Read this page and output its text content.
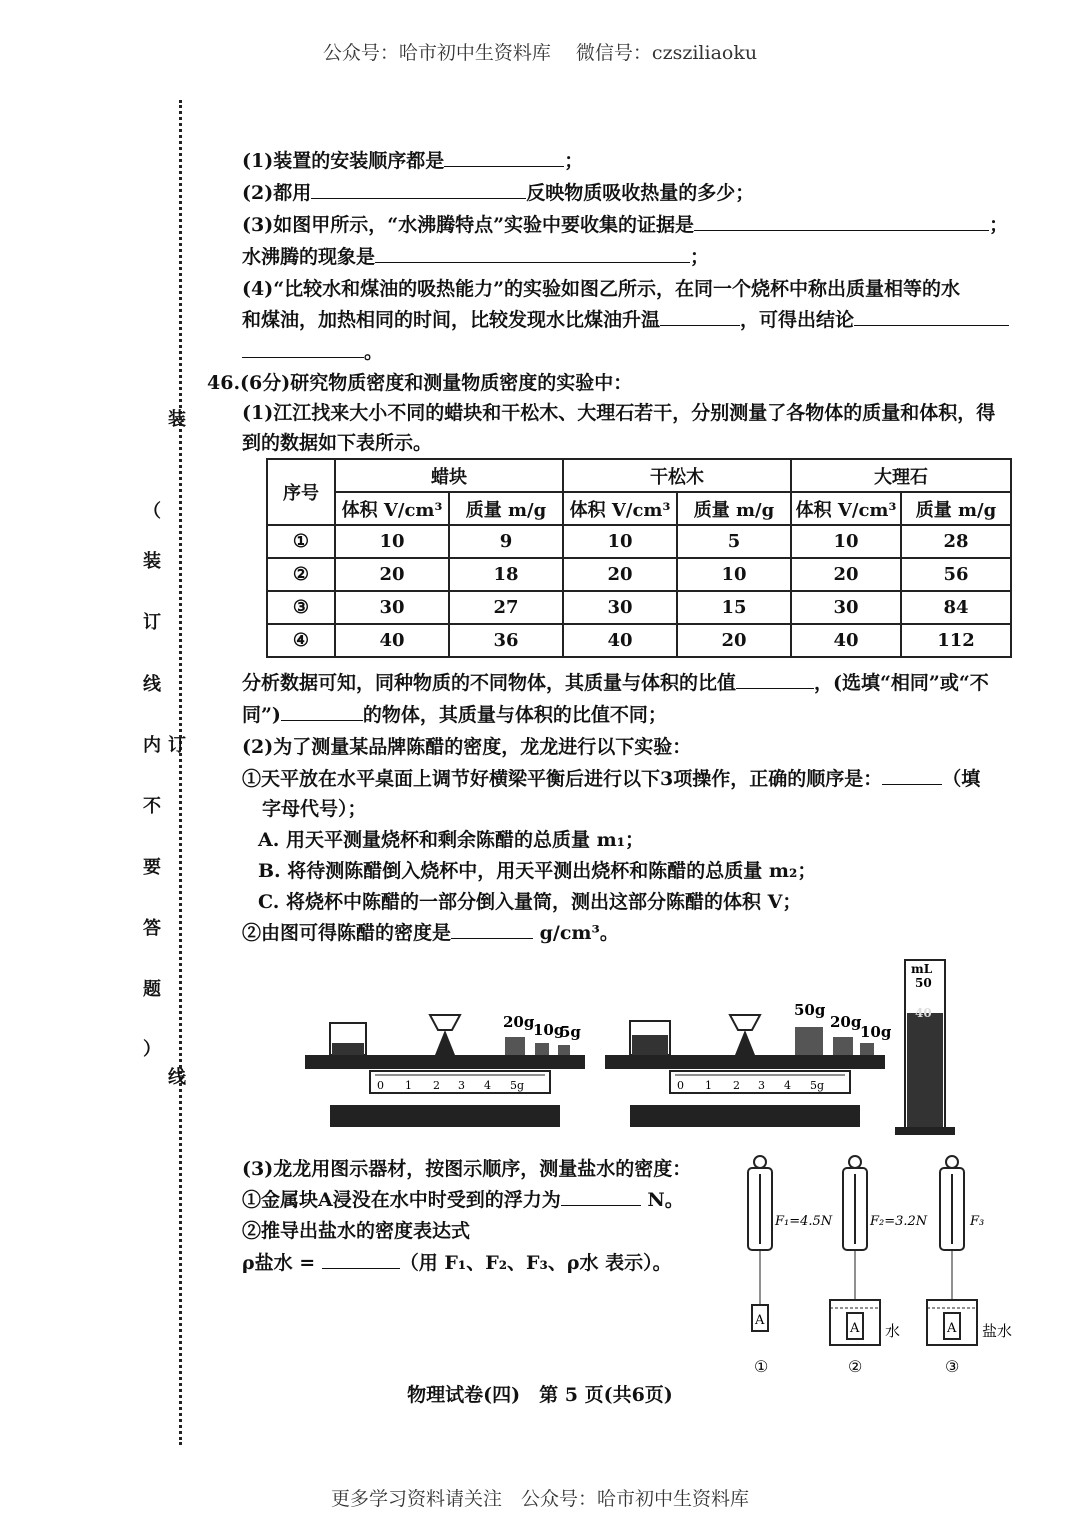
公众号：哈市初中生资料库　 微信号：czsziliaoku
装
（
装
订
线
内 订
不
要
答
题
）
线
(1)装置的安装顺序都是	；
(2)都用	反映物质吸收热量的多少；
(3)如图甲所示，“水沸腾特点”实验中要收集的证据是	；
水沸腾的现象是	；
(4)“比较水和煤油的吸热能力”的实验如图乙所示，在同一个烧杯中称出质量相等的水
和煤油，加热相同的时间，比较发现水比煤油升温	，可得出结论
。
46.(6分)研究物质密度和测量物质密度的实验中：
(1)江江找来大小不同的蜡块和干松木、大理石若干，分别测量了各物体的质量和体积，得
到的数据如下表所示。
序号	蜡块		干松木		大理石	
	体积 V/cm³	质量 m/g	体积 V/cm³	质量 m/g	体积 V/cm³	质量 m/g
①	10	9	10	5	10	28
②	20	18	20	10	20	56
③	30	27	30	15	30	84
④	40	36	40	20	40	112
分析数据可知，同种物质的不同物体，其质量与体积的比值	，(选填“相同”或“不
同”)	的物体，其质量与体积的比值不同；
(2)为了测量某品牌陈醋的密度，龙龙进行以下实验：
①天平放在水平桌面上调节好横梁平衡后进行以下3项操作，正确的顺序是：	（填
字母代号）；
A. 用天平测量烧杯和剩余陈醋的总质量 m₁；
B. 将待测陈醋倒入烧杯中，用天平测出烧杯和陈醋的总质量 m₂；
C. 将烧杯中陈醋的一部分倒入量筒，测出这部分陈醋的体积 V；
②由图可得陈醋的密度是	g/cm³。
0 1 2 3 4 5g
20g
10g
5g
0 1 2 3 4 5g
50g
20g
10g
mL
50
40
(3)龙龙用图示器材，按图示顺序，测量盐水的密度：
①金属块A浸没在水中时受到的浮力为	N。
②推导出盐水的密度表达式
ρ盐水 =	（用 F₁、F₂、F₃、ρ水 表示）。
A
F₁=4.5N
①
A
F₂=3.2N
水
②
A
F₃
盐水
③
物理试卷(四)　第 5 页(共6页)
更多学习资料请关注　公众号：哈市初中生资料库
